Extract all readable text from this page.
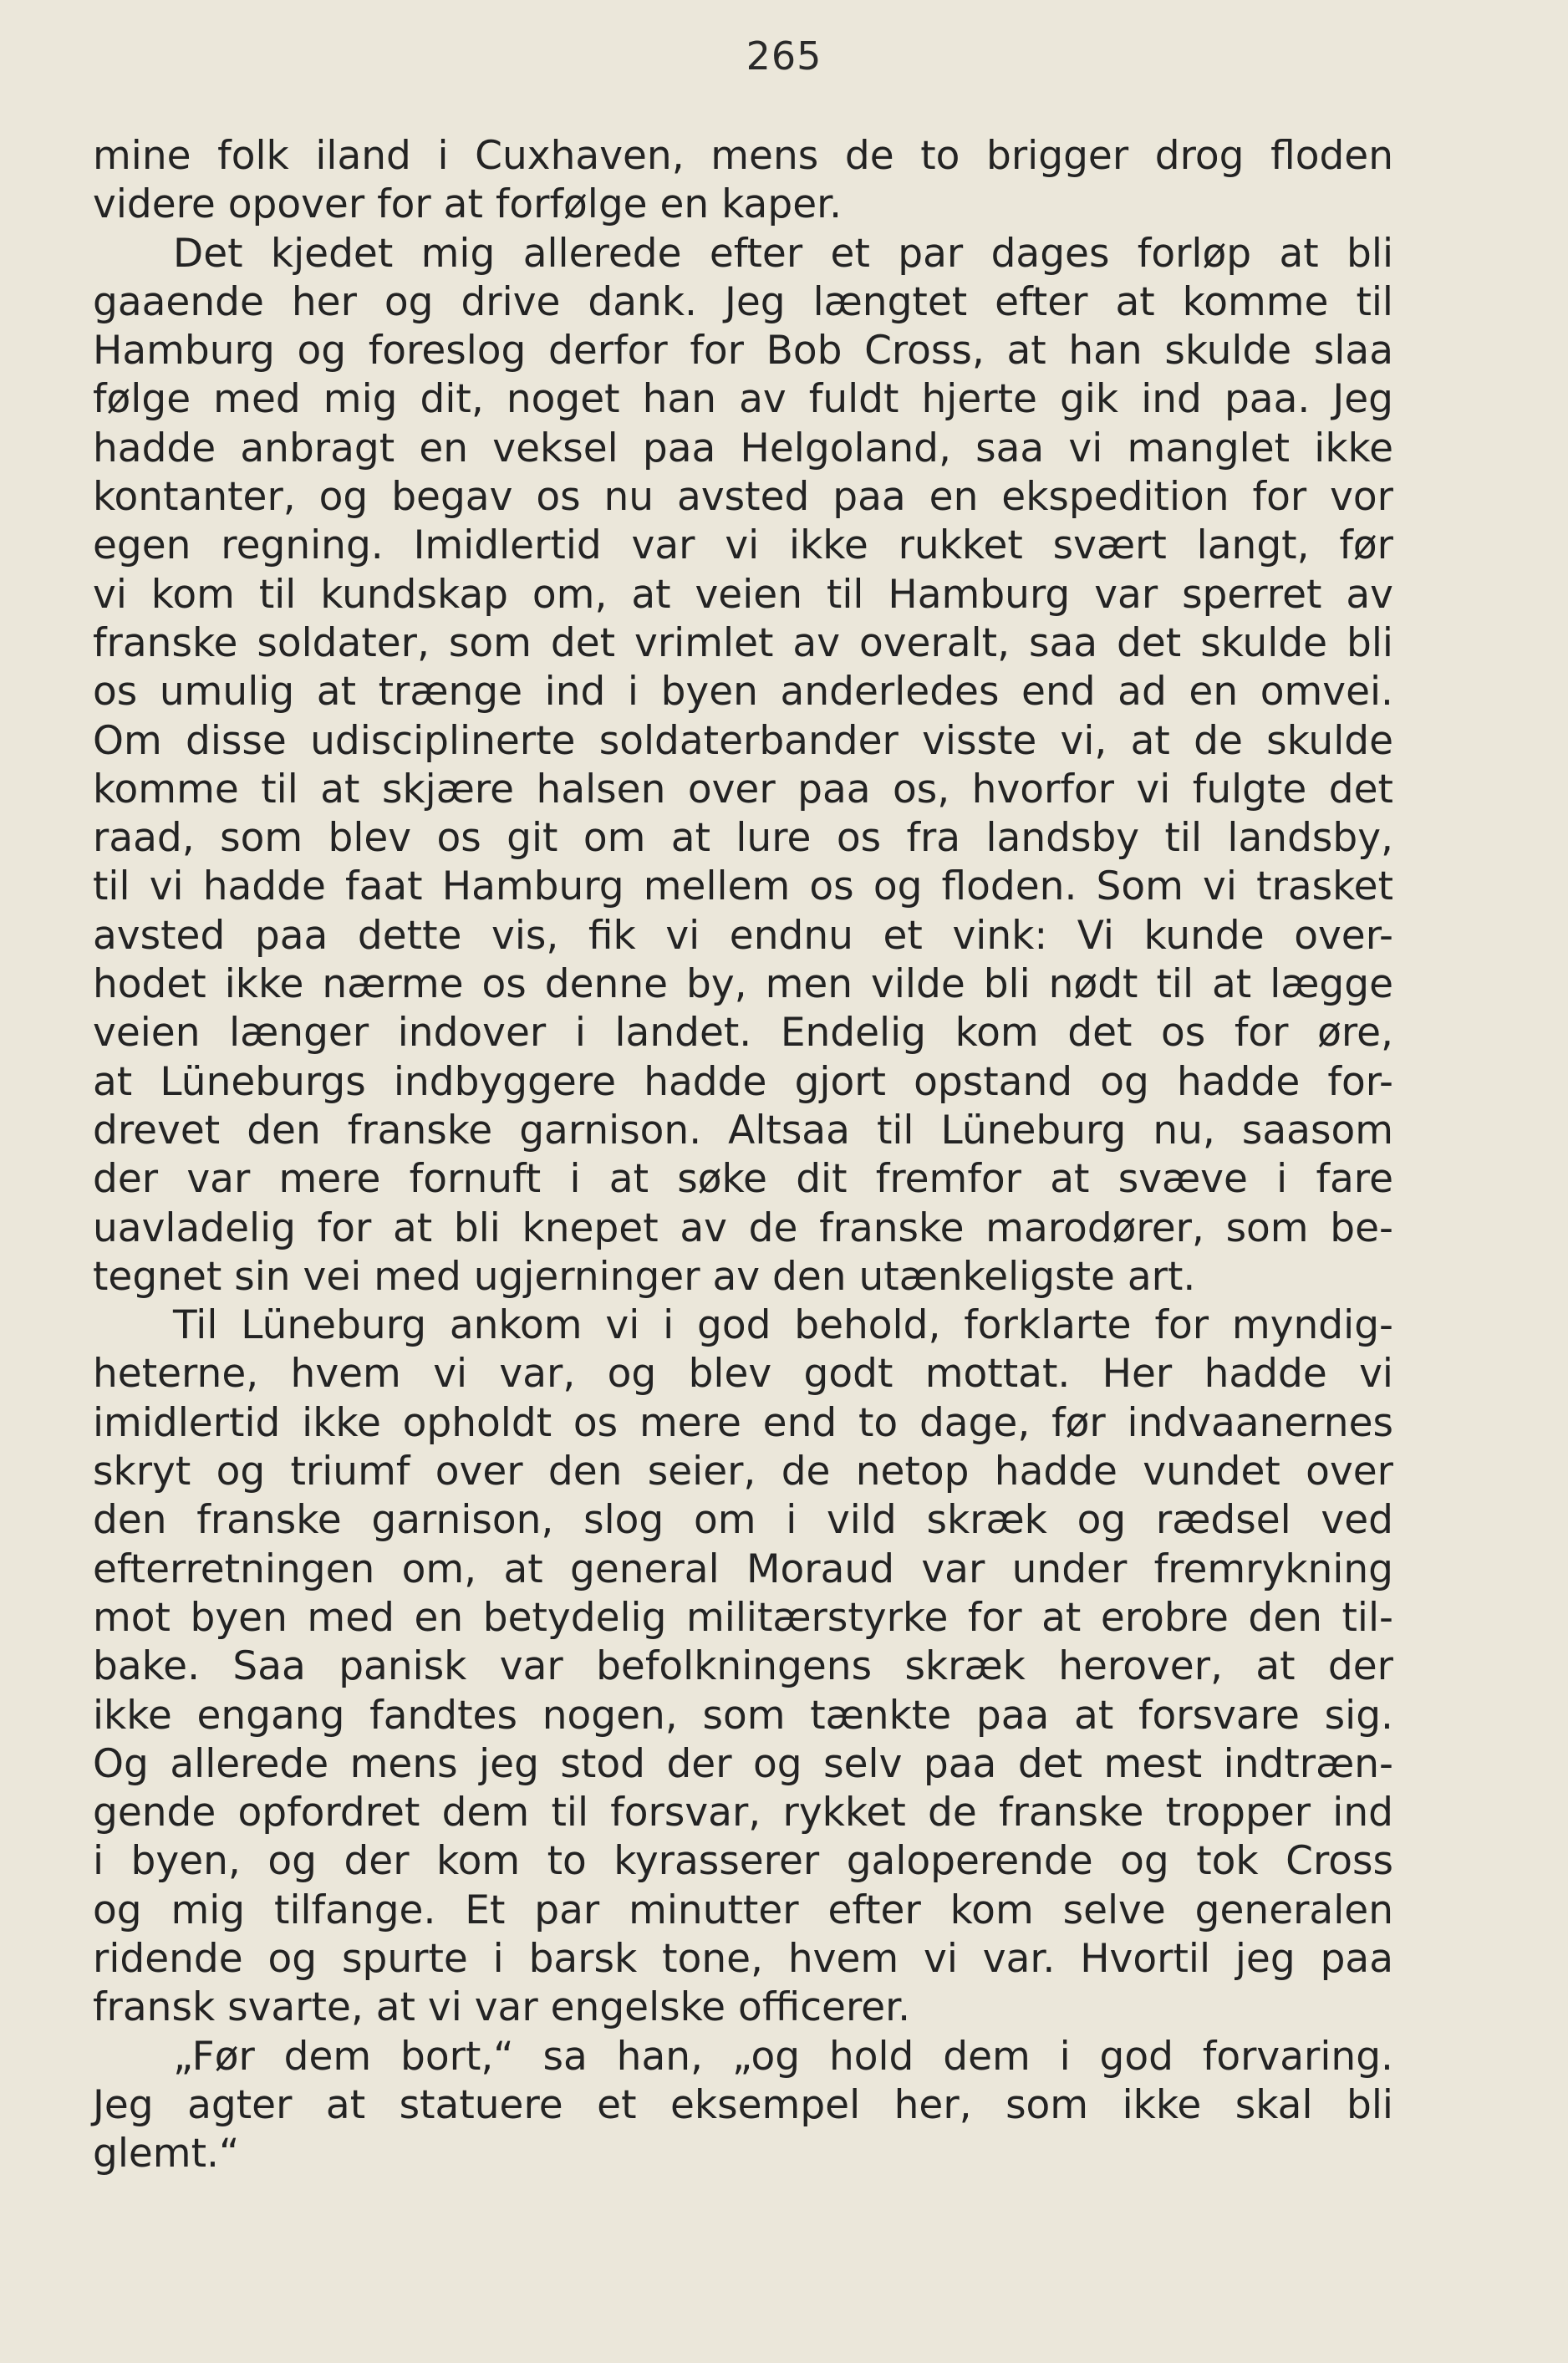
265
mine folk iland i Cuxhaven, mens de to brigger drog floden
videre opover for at forfølge en kaper.
Det kjedet mig allerede efter et par dages forløp at bli
gaaende her og drive dank. Jeg længtet efter at komme til
Hamburg og foreslog derfor for Bob Cross, at han skulde slaa
følge med mig dit, noget han av fuldt hjerte gik ind paa. Jeg
hadde anbragt en veksel paa Helgoland, saa vi manglet ikke
kontanter, og begav os nu avsted paa en ekspedition for vor
egen regning. Imidlertid var vi ikke rukket svært langt, før
vi kom til kundskap om, at veien til Hamburg var sperret av
franske soldater, som det vrimlet av overalt, saa det skulde bli
os umulig at trænge ind i byen anderledes end ad en omvei.
Om disse udisciplinerte soldaterbander visste vi, at de skulde
komme til at skjære halsen over paa os, hvorfor vi fulgte det
raad, som blev os git om at lure os fra landsby til landsby,
til vi hadde faat Hamburg mellem os og floden. Som vi trasket
avsted paa dette vis, fik vi endnu et vink: Vi kunde over-
hodet ikke nærme os denne by, men vilde bli nødt til at lægge
veien længer indover i landet. Endelig kom det os for øre,
at Lüneburgs indbyggere hadde gjort opstand og hadde for-
drevet den franske garnison. Altsaa til Lüneburg nu, saasom
der var mere fornuft i at søke dit fremfor at svæve i fare
uavladelig for at bli knepet av de franske marodører, som be-
tegnet sin vei med ugjerninger av den utænkeligste art.
Til Lüneburg ankom vi i god behold, forklarte for myndig-
heterne, hvem vi var, og blev godt mottat. Her hadde vi
imidlertid ikke opholdt os mere end to dage, før indvaanernes
skryt og triumf over den seier, de netop hadde vundet over
den franske garnison, slog om i vild skræk og rædsel ved
efterretningen om, at general Moraud var under fremrykning
mot byen med en betydelig militærstyrke for at erobre den til-
bake. Saa panisk var befolkningens skræk herover, at der
ikke engang fandtes nogen, som tænkte paa at forsvare sig.
Og allerede mens jeg stod der og selv paa det mest indtræn-
gende opfordret dem til forsvar, rykket de franske tropper ind
i byen, og der kom to kyrasserer galoperende og tok Cross
og mig tilfange. Et par minutter efter kom selve generalen
ridende og spurte i barsk tone, hvem vi var. Hvortil jeg paa
fransk svarte, at vi var engelske officerer.
„Før dem bort,“ sa han, „og hold dem i god forvaring.
Jeg agter at statuere et eksempel her, som ikke skal bli
glemt.“
